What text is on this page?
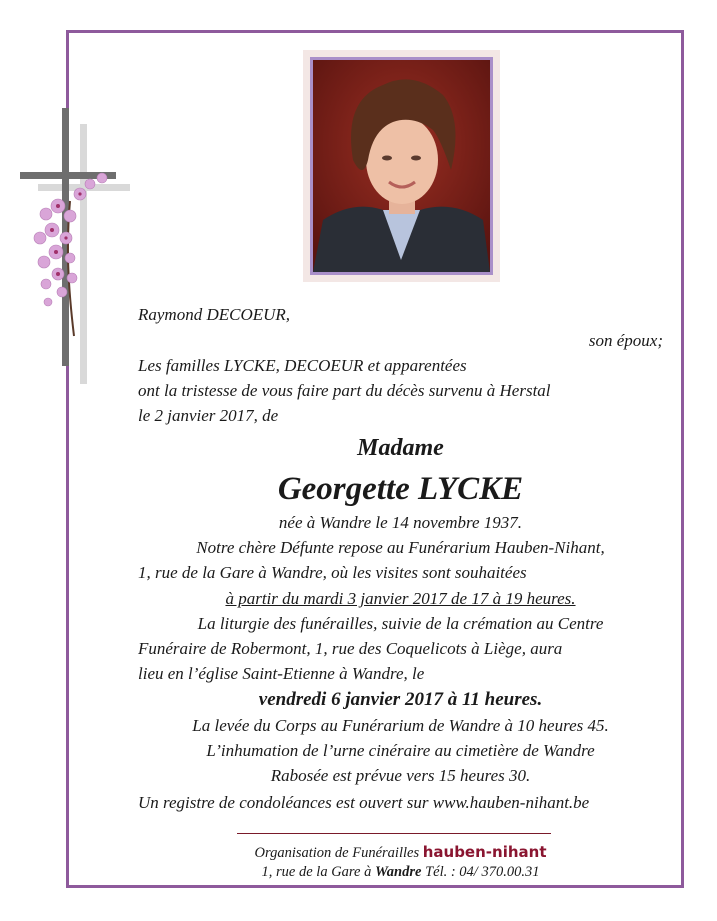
Raymond DECOEUR,
son époux;
Les familles LYCKE, DECOEUR et apparentées
ont la tristesse de vous faire part du décès survenu à Herstal
le 2 janvier 2017, de
Madame
Georgette LYCKE
née à Wandre le 14 novembre 1937.
Notre chère Défunte repose au Funérarium Hauben-Nihant,
1, rue de la Gare à Wandre, où les visites sont souhaitées
à partir du mardi 3 janvier 2017 de 17 à 19 heures.
La liturgie des funérailles, suivie de la crémation au Centre
Funéraire de Robermont, 1, rue des Coquelicots à Liège, aura
lieu en l’église Saint-Etienne à Wandre, le
vendredi 6 janvier 2017 à 11 heures.
La levée du Corps au Funérarium de Wandre à 10 heures 45.
L’inhumation de l’urne cinéraire au cimetière de Wandre
Rabosée est prévue vers 15 heures 30.
Un registre de condoléances est ouvert sur www.hauben-nihant.be
Organisation de Funérailles hauben-nihant
1, rue de la Gare à Wandre Tél. : 04/ 370.00.31
